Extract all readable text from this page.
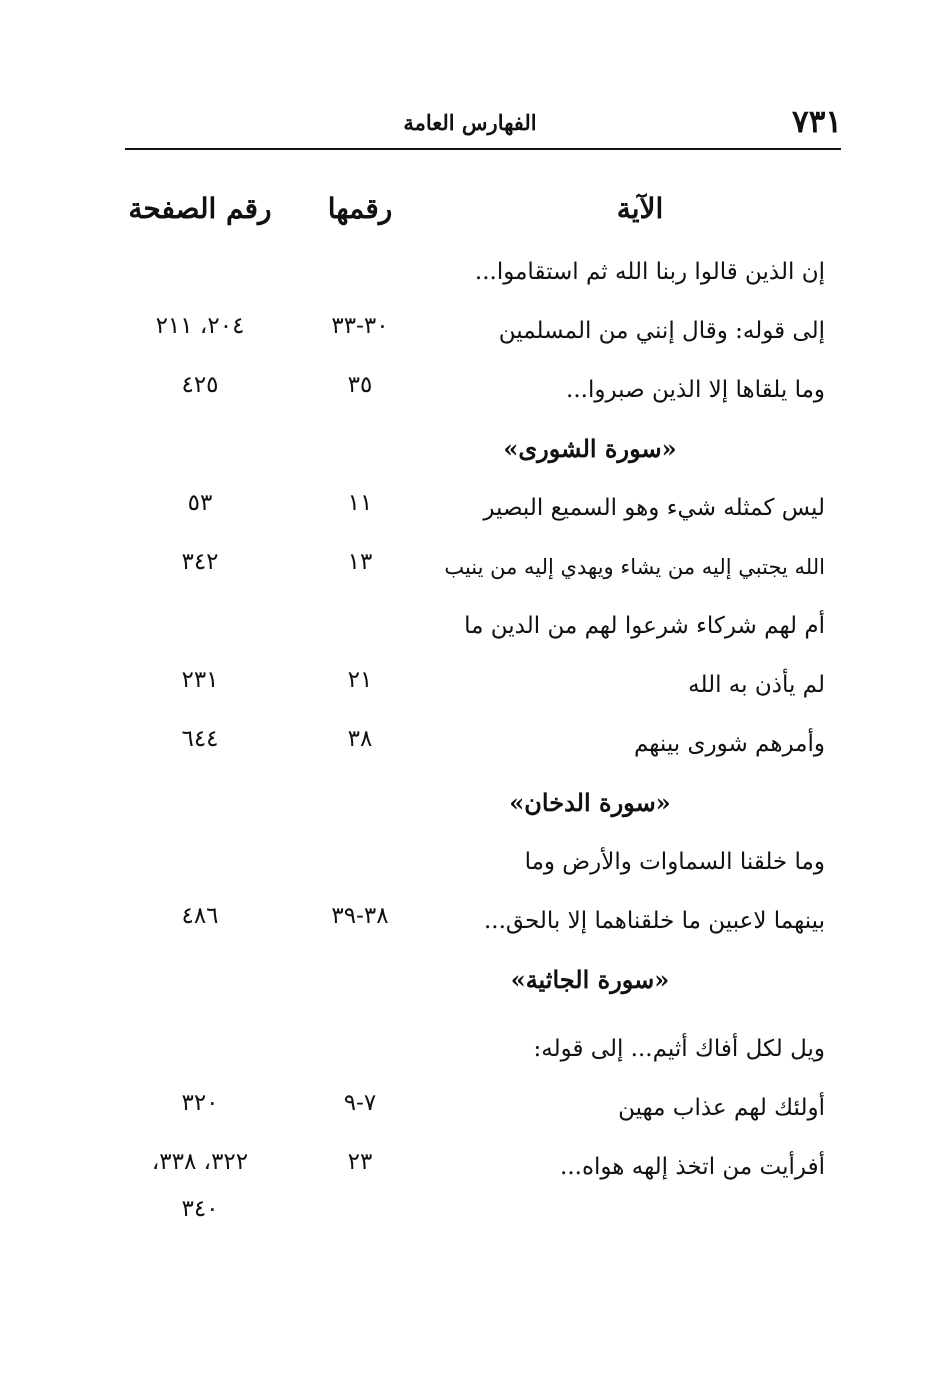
٧٣١
الفهارس العامة
الآية
رقمها
رقم الصفحة
إن الذين قالوا ربنا الله ثم استقاموا...
إلى قوله: وقال إنني من المسلمين
٣٠-٣٣
٢٠٤، ٢١١
وما يلقاها إلا الذين صبروا...
٣٥
٤٢٥
«سورة الشورى»
ليس كمثله شيء وهو السميع البصير
١١
٥٣
الله يجتبي إليه من يشاء ويهدي إليه من ينيب
١٣
٣٤٢
أم لهم شركاء شرعوا لهم من الدين ما
لم يأذن به الله
٢١
٢٣١
وأمرهم شورى بينهم
٣٨
٦٤٤
«سورة الدخان»
وما خلقنا السماوات والأرض وما
بينهما لاعبين ما خلقناهما إلا بالحق...
٣٨-٣٩
٤٨٦
«سورة الجاثية»
ويل لكل أفاك أثيم... إلى قوله:
أولئك لهم عذاب مهين
٧-٩
٣٢٠
أفرأيت من اتخذ إلهه هواه...
٢٣
٣٢٢، ٣٣٨،
٣٤٠
